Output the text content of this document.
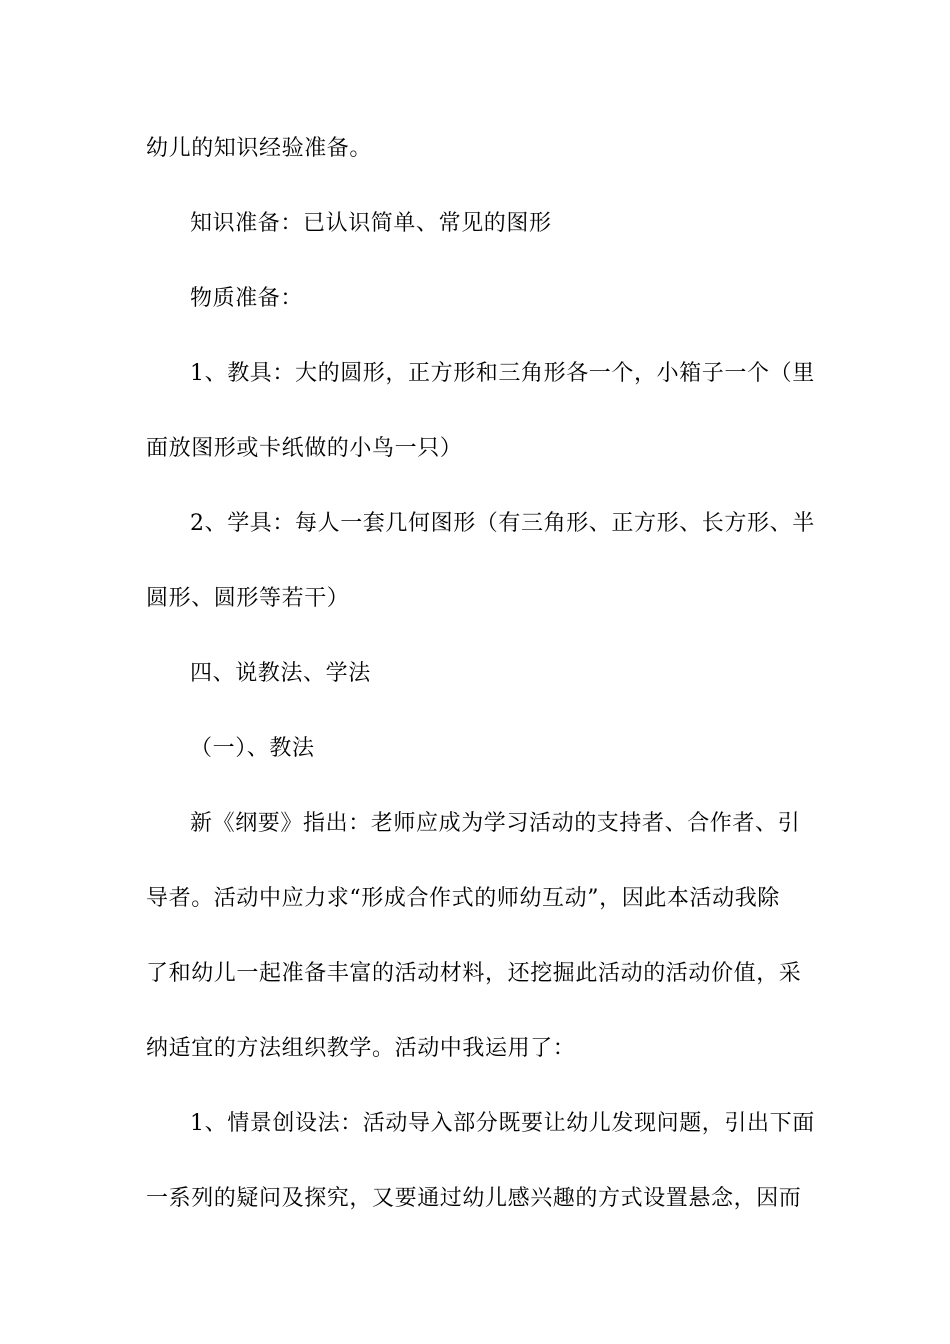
幼儿的知识经验准备。
知识准备：已认识简单、常见的图形
物质准备：
1、教具：大的圆形，正方形和三角形各一个，小箱子一个（里
面放图形或卡纸做的小鸟一只）
2、学具：每人一套几何图形（有三角形、正方形、长方形、半
圆形、圆形等若干）
四、说教法、学法
（一）、教法
新《纲要》指出：老师应成为学习活动的支持者、合作者、引
导者。活动中应力求“形成合作式的师幼互动”，因此本活动我除
了和幼儿一起准备丰富的活动材料，还挖掘此活动的活动价值，采
纳适宜的方法组织教学。活动中我运用了：
1、情景创设法：活动导入部分既要让幼儿发现问题，引出下面
一系列的疑问及探究，又要通过幼儿感兴趣的方式设置悬念，因而
